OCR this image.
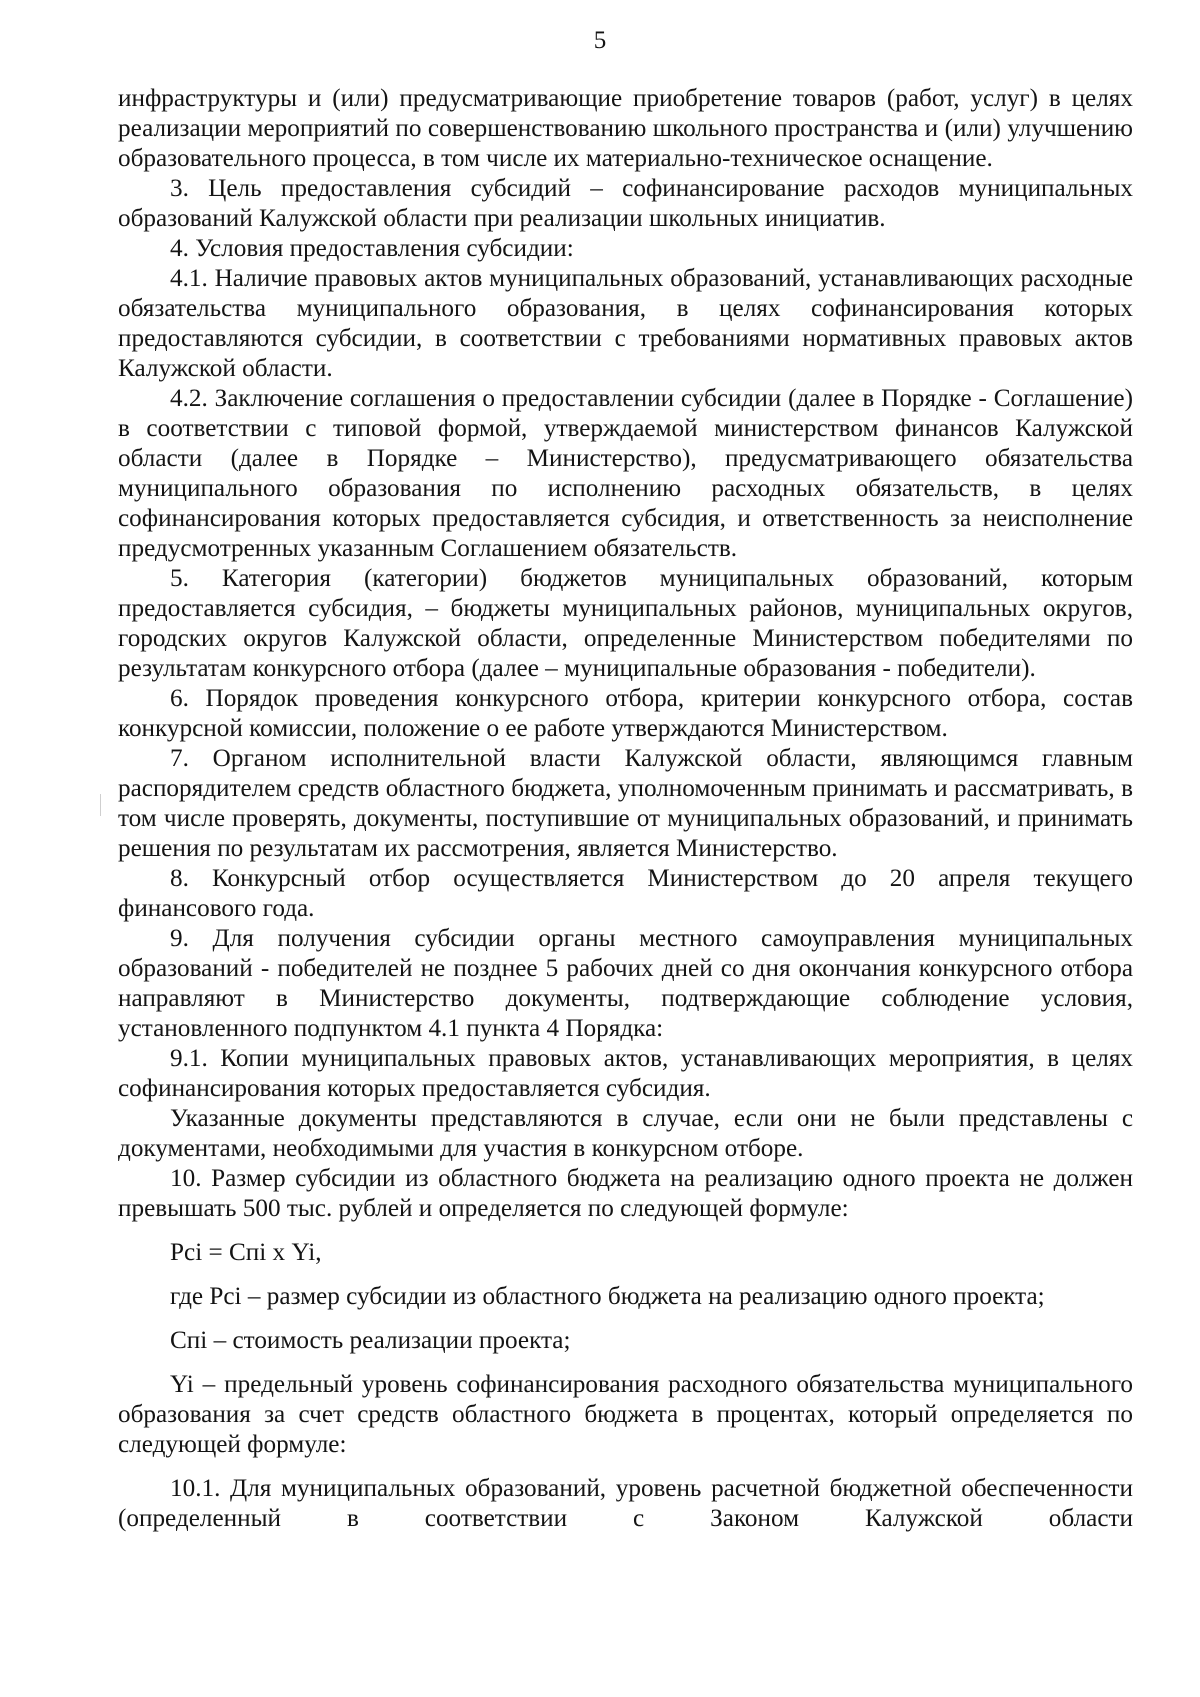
5

инфраструктуры и (или) предусматривающие приобретение товаров (работ, услуг) в целях реализации мероприятий по совершенствованию школьного пространства и (или) улучшению образовательного процесса, в том числе их материально-техническое оснащение.

3. Цель предоставления субсидий – софинансирование расходов муниципальных образований Калужской области при реализации школьных инициатив.

4. Условия предоставления субсидии:

4.1. Наличие правовых актов муниципальных образований, устанавливающих расходные обязательства муниципального образования, в целях софинансирования которых предоставляются субсидии, в соответствии с требованиями нормативных правовых актов Калужской области.

4.2. Заключение соглашения о предоставлении субсидии (далее в Порядке - Соглашение) в соответствии с типовой формой, утверждаемой министерством финансов Калужской области (далее в Порядке – Министерство), предусматривающего обязательства муниципального образования по исполнению расходных обязательств, в целях софинансирования которых предоставляется субсидия, и ответственность за неисполнение предусмотренных указанным Соглашением обязательств.

5. Категория (категории) бюджетов муниципальных образований, которым предоставляется субсидия, – бюджеты муниципальных районов, муниципальных округов, городских округов Калужской области, определенные Министерством победителями по результатам конкурсного отбора (далее – муниципальные образования - победители).

6. Порядок проведения конкурсного отбора, критерии конкурсного отбора, состав конкурсной комиссии, положение о ее работе утверждаются Министерством.

7. Органом исполнительной власти Калужской области, являющимся главным распорядителем средств областного бюджета, уполномоченным принимать и рассматривать, в том числе проверять, документы, поступившие от муниципальных образований, и принимать решения по результатам их рассмотрения, является Министерство.

8. Конкурсный отбор осуществляется Министерством до 20 апреля текущего финансового года.

9. Для получения субсидии органы местного самоуправления муниципальных образований - победителей не позднее 5 рабочих дней со дня окончания конкурсного отбора направляют в Министерство документы, подтверждающие соблюдение условия, установленного подпунктом 4.1 пункта 4 Порядка:

9.1. Копии муниципальных правовых актов, устанавливающих мероприятия, в целях софинансирования которых предоставляется субсидия.

Указанные документы представляются в случае, если они не были представлены с документами, необходимыми для участия в конкурсном отборе.

10. Размер субсидии из областного бюджета на реализацию одного проекта не должен превышать 500 тыс. рублей и определяется по следующей формуле:

Pci = Cпi х Yi,

где Pci – размер субсидии из областного бюджета на реализацию одного проекта;

Cпi – стоимость реализации проекта;

Yi – предельный уровень софинансирования расходного обязательства муниципального образования за счет средств областного бюджета в процентах, который определяется по следующей формуле:

10.1. Для муниципальных образований, уровень расчетной бюджетной обеспеченности (определенный в соответствии с Законом Калужской области
